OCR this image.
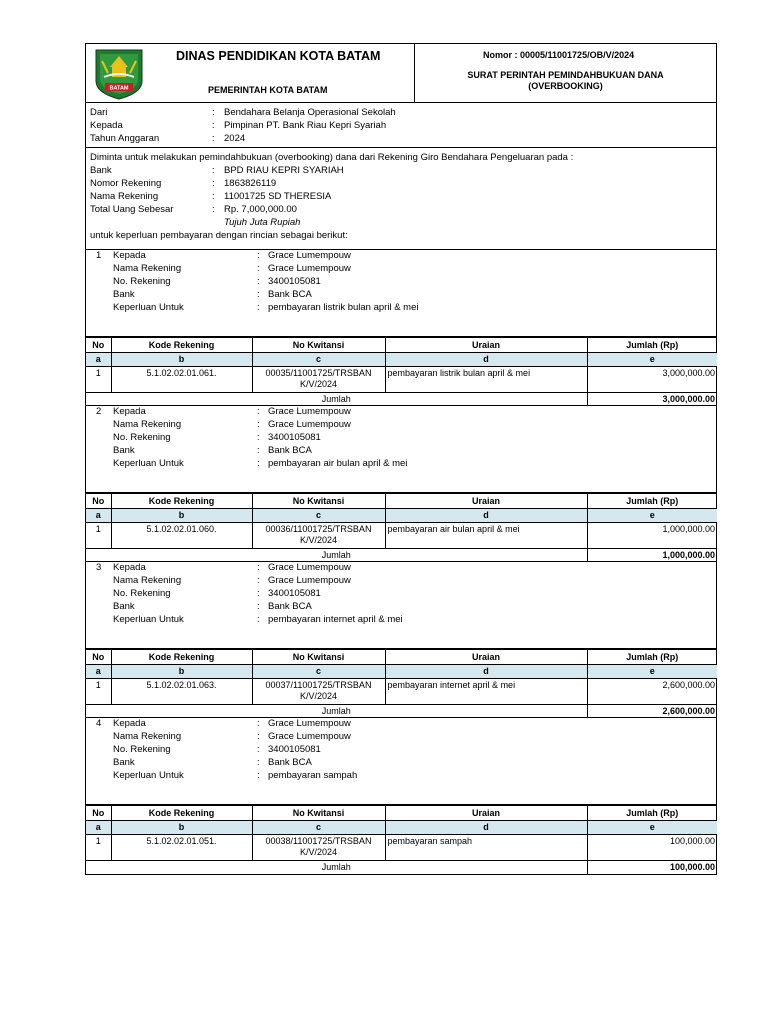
BATAM
DINAS PENDIDIKAN KOTA BATAM
PEMERINTAH KOTA BATAM
Nomor : 00005/11001725/OB/V/2024
SURAT PERINTAH PEMINDAHBUKUAN DANA
(OVERBOOKING)
Dari	: Bendahara Belanja Operasional Sekolah
Kepada	: Pimpinan PT. Bank Riau Kepri Syariah
Tahun Anggaran	: 2024
Diminta untuk melakukan pemindahbukuan (overbooking) dana dari Rekening Giro Bendahara Pengeluaran pada :
Bank	: BPD RIAU KEPRI SYARIAH
Nomor Rekening	: 1863826119
Nama Rekening	: 11001725 SD THERESIA
Total Uang Sebesar	: Rp. 7,000,000.00
Tujuh Juta Rupiah
untuk keperluan pembayaran dengan rincian sebagai berikut:
1 Kepada	: Grace Lumempouw
Nama Rekening	: Grace Lumempouw
No. Rekening	: 3400105081
Bank	: Bank BCA
Keperluan Untuk	: pembayaran listrik bulan april & mei
No	Kode Rekening	No Kwitansi	Uraian	Jumlah (Rp)
a	b	c	d	e
1	5.1.02.02.01.061.	00035/11001725/TRSBAN
K/V/2024	pembayaran listrik bulan april & mei	3,000,000.00
Jumlah				3,000,000.00
2 Kepada	: Grace Lumempouw
Nama Rekening	: Grace Lumempouw
No. Rekening	: 3400105081
Bank	: Bank BCA
Keperluan Untuk	: pembayaran air bulan april & mei
No	Kode Rekening	No Kwitansi	Uraian	Jumlah (Rp)
a	b	c	d	e
1	5.1.02.02.01.060.	00036/11001725/TRSBAN
K/V/2024	pembayaran air bulan april & mei	1,000,000.00
Jumlah				1,000,000.00
3 Kepada	: Grace Lumempouw
Nama Rekening	: Grace Lumempouw
No. Rekening	: 3400105081
Bank	: Bank BCA
Keperluan Untuk	: pembayaran internet april & mei
No	Kode Rekening	No Kwitansi	Uraian	Jumlah (Rp)
a	b	c	d	e
1	5.1.02.02.01.063.	00037/11001725/TRSBAN
K/V/2024	pembayaran internet april & mei	2,600,000.00
Jumlah				2,600,000.00
4 Kepada	: Grace Lumempouw
Nama Rekening	: Grace Lumempouw
No. Rekening	: 3400105081
Bank	: Bank BCA
Keperluan Untuk	: pembayaran sampah
No	Kode Rekening	No Kwitansi	Uraian	Jumlah (Rp)
a	b	c	d	e
1	5.1.02.02.01.051.	00038/11001725/TRSBAN
K/V/2024	pembayaran sampah	100,000.00
Jumlah				100,000.00
